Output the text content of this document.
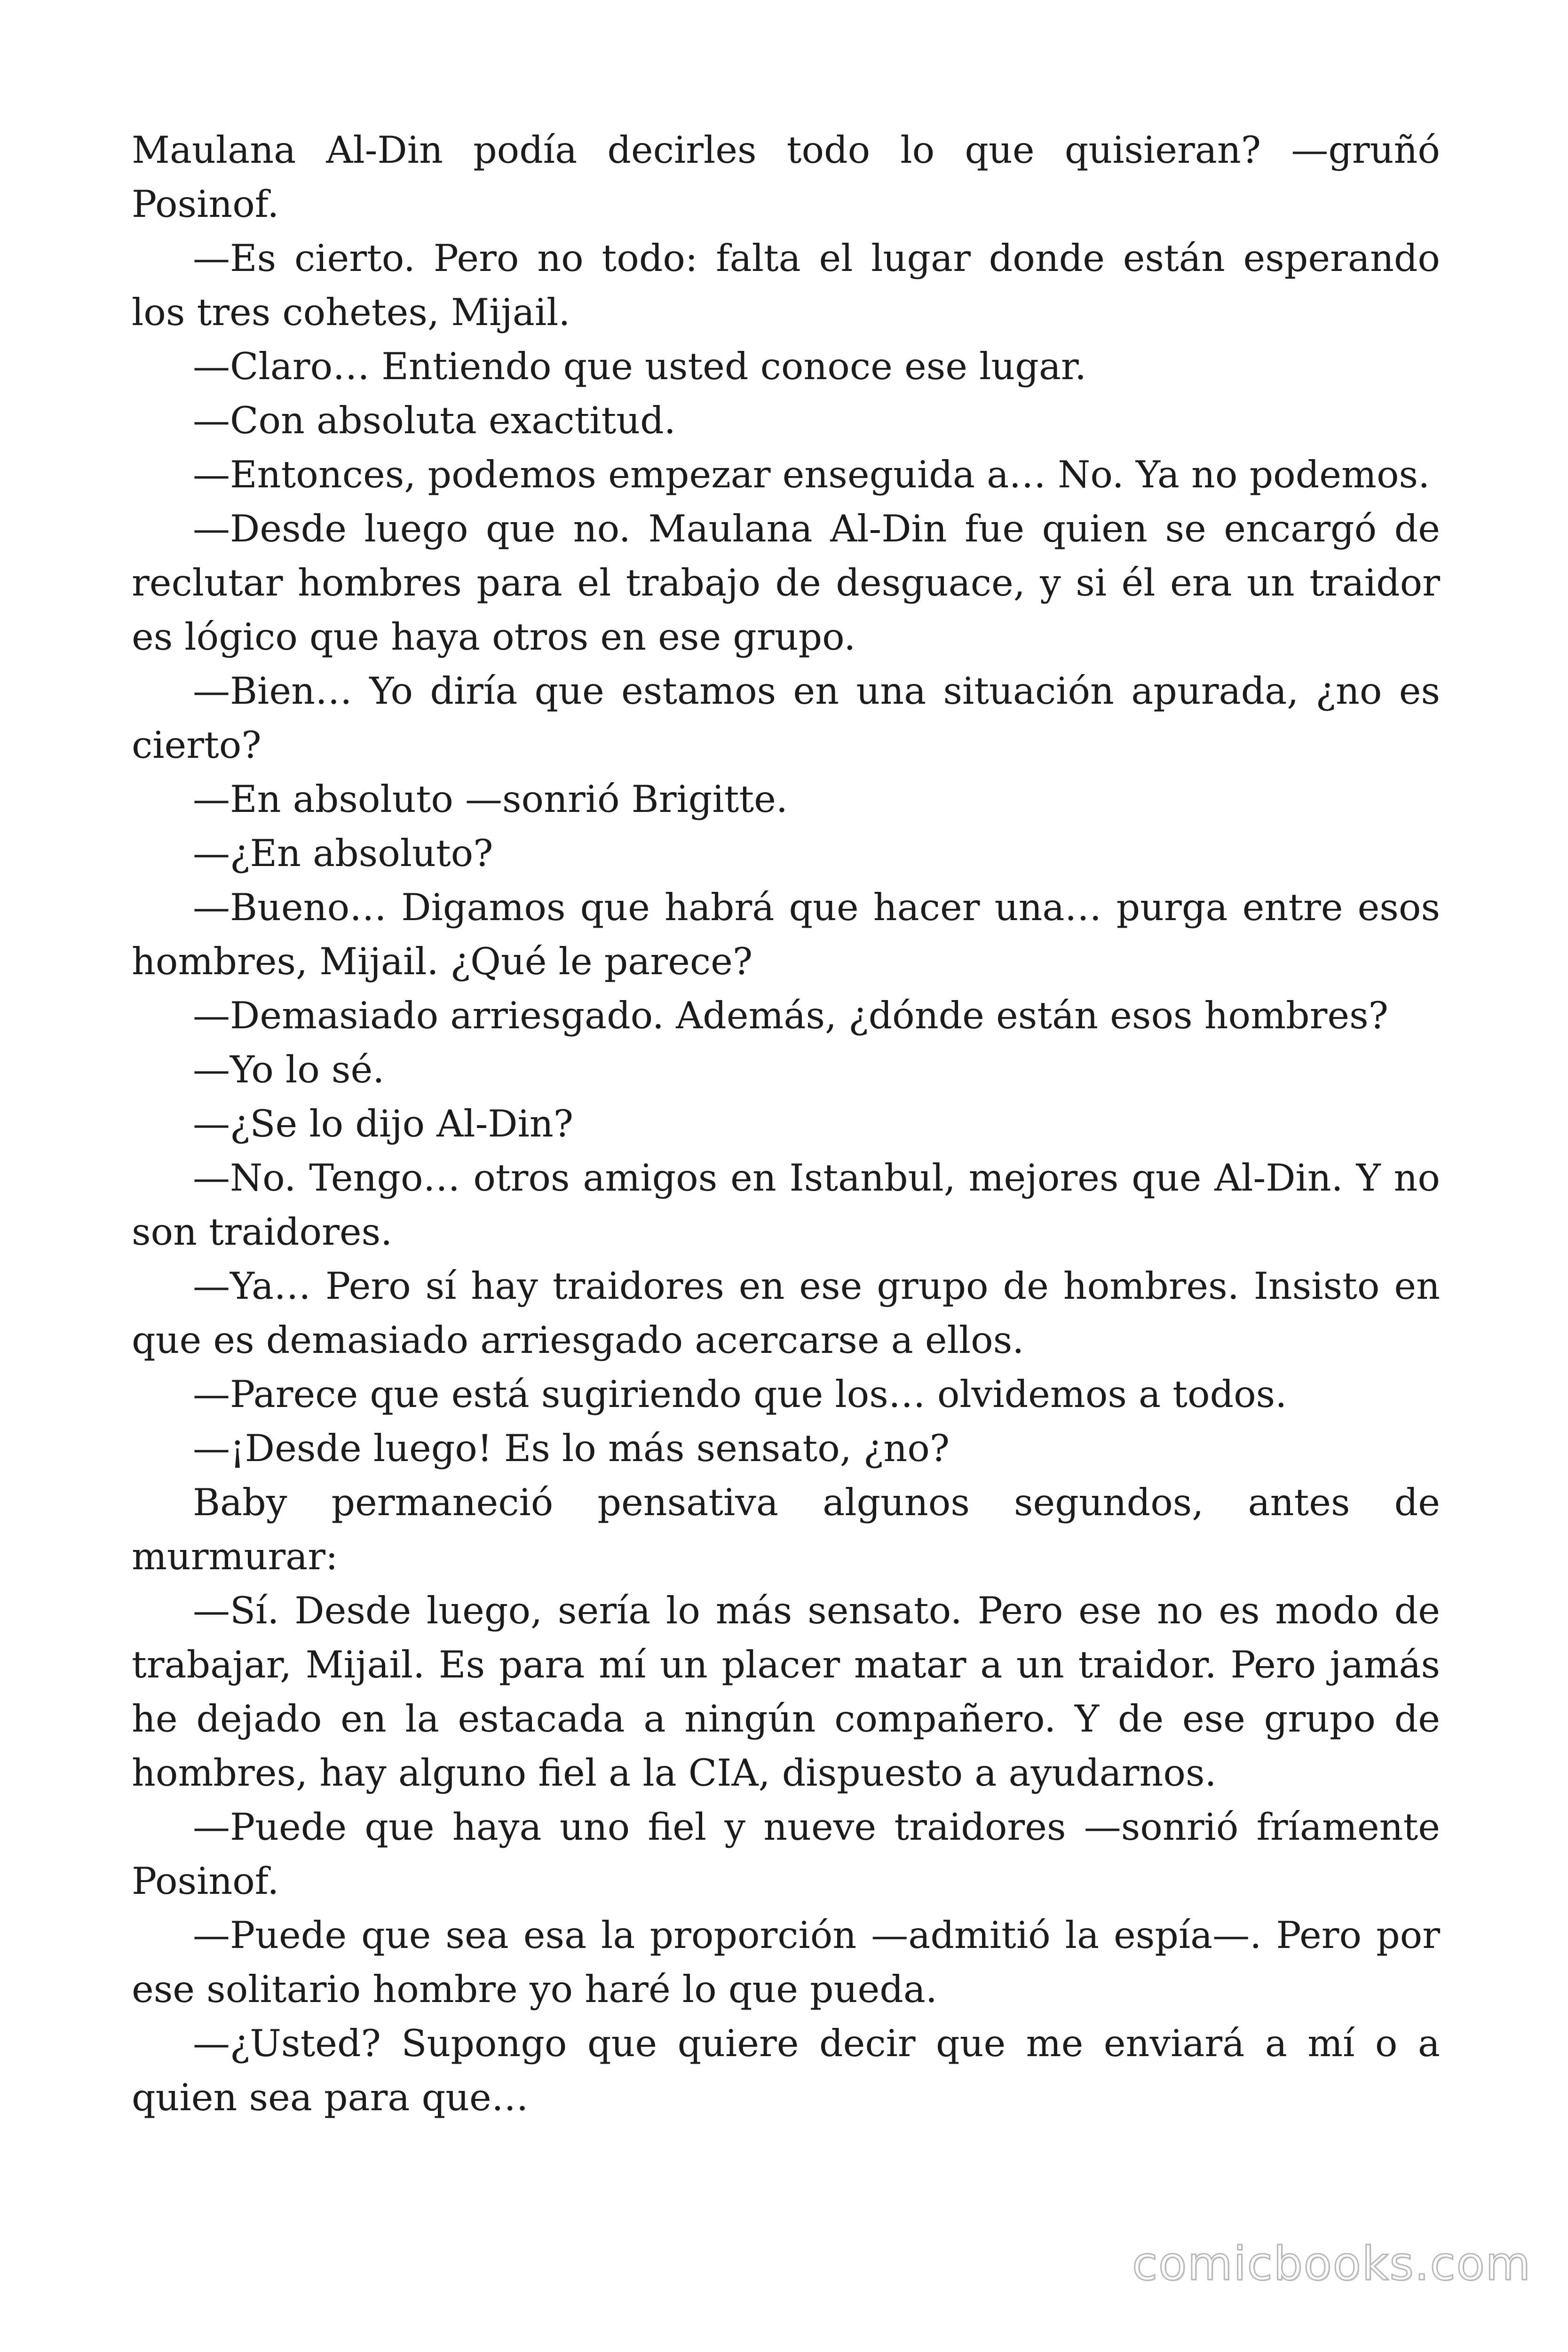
Maulana Al-Din podía decirles todo lo que quisieran? —gruñó Posinof.

—Es cierto. Pero no todo: falta el lugar donde están esperando los tres cohetes, Mijail.

—Claro… Entiendo que usted conoce ese lugar.

—Con absoluta exactitud.

—Entonces, podemos empezar enseguida a… No. Ya no podemos.

—Desde luego que no. Maulana Al-Din fue quien se encargó de reclutar hombres para el trabajo de desguace, y si él era un traidor es lógico que haya otros en ese grupo.

—Bien… Yo diría que estamos en una situación apurada, ¿no es cierto?

—En absoluto —sonrió Brigitte.

—¿En absoluto?

—Bueno… Digamos que habrá que hacer una… purga entre esos hombres, Mijail. ¿Qué le parece?

—Demasiado arriesgado. Además, ¿dónde están esos hombres?

—Yo lo sé.

—¿Se lo dijo Al-Din?

—No. Tengo… otros amigos en Istanbul, mejores que Al-Din. Y no son traidores.

—Ya… Pero sí hay traidores en ese grupo de hombres. Insisto en que es demasiado arriesgado acercarse a ellos.

—Parece que está sugiriendo que los… olvidemos a todos.

—¡Desde luego! Es lo más sensato, ¿no?

Baby permaneció pensativa algunos segundos, antes de murmurar:

—Sí. Desde luego, sería lo más sensato. Pero ese no es modo de trabajar, Mijail. Es para mí un placer matar a un traidor. Pero jamás he dejado en la estacada a ningún compañero. Y de ese grupo de hombres, hay alguno fiel a la CIA, dispuesto a ayudarnos.

—Puede que haya uno fiel y nueve traidores —sonrió fríamente Posinof.

—Puede que sea esa la proporción —admitió la espía—. Pero por ese solitario hombre yo haré lo que pueda.

—¿Usted? Supongo que quiere decir que me enviará a mí o a quien sea para que…

comicbooks.com
